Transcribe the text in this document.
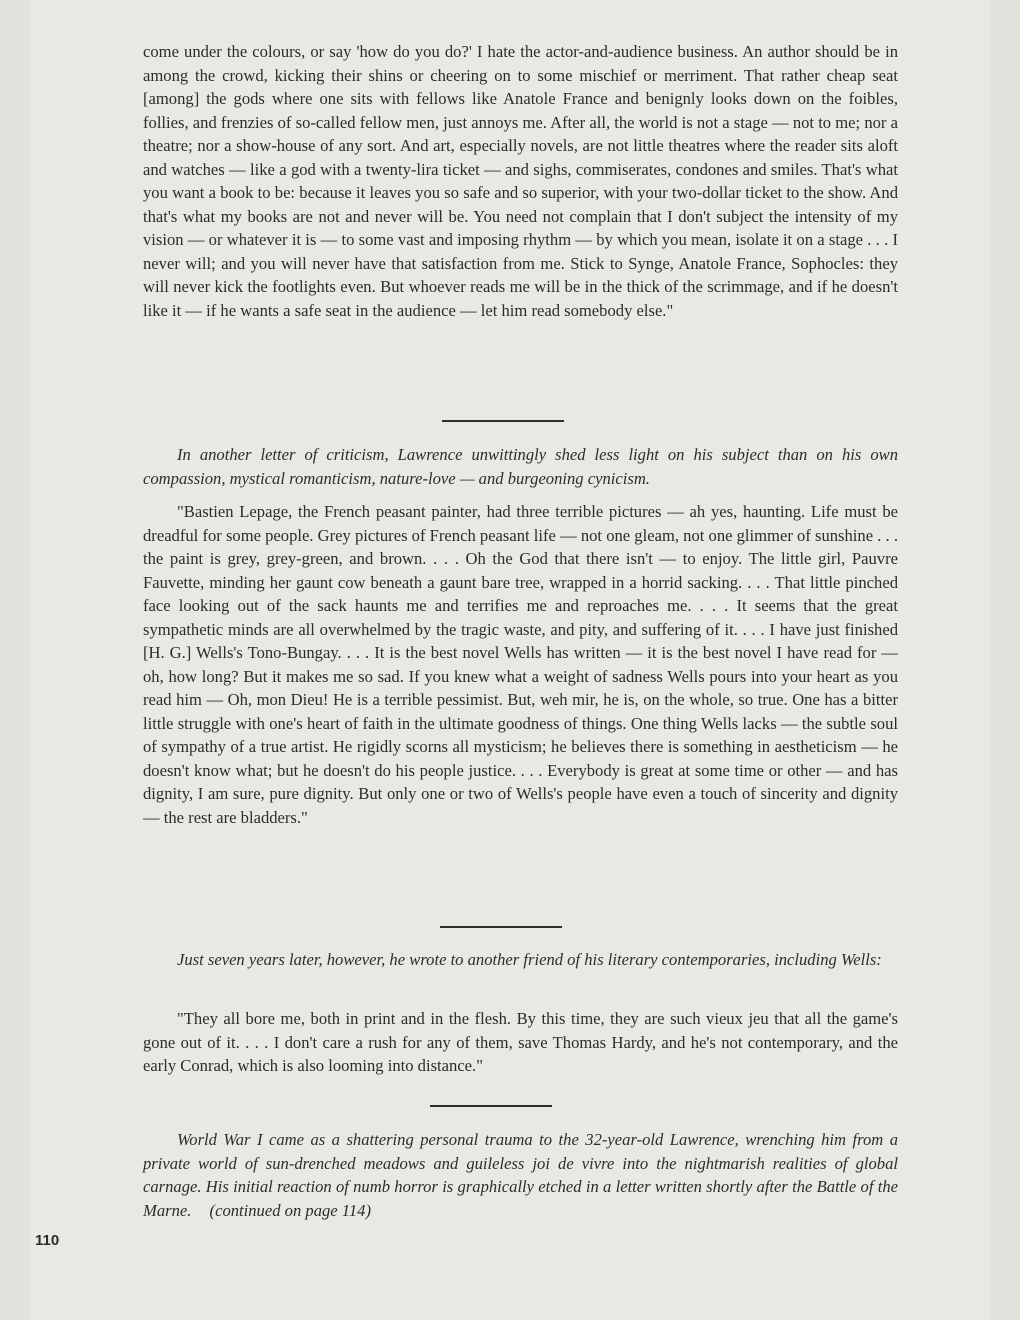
come under the colours, or say 'how do you do?' I hate the actor-and-audience business. An author should be in among the crowd, kicking their shins or cheering on to some mischief or merriment. That rather cheap seat [among] the gods where one sits with fellows like Anatole France and benignly looks down on the foibles, follies, and frenzies of so-called fellow men, just annoys me. After all, the world is not a stage — not to me; nor a theatre; nor a show-house of any sort. And art, especially novels, are not little theatres where the reader sits aloft and watches — like a god with a twenty-lira ticket — and sighs, commiserates, condones and smiles. That's what you want a book to be: because it leaves you so safe and so superior, with your two-dollar ticket to the show. And that's what my books are not and never will be. You need not complain that I don't subject the intensity of my vision — or whatever it is — to some vast and imposing rhythm — by which you mean, isolate it on a stage . . . I never will; and you will never have that satisfaction from me. Stick to Synge, Anatole France, Sophocles: they will never kick the footlights even. But whoever reads me will be in the thick of the scrimmage, and if he doesn't like it — if he wants a safe seat in the audience — let him read somebody else."

In another letter of criticism, Lawrence unwittingly shed less light on his subject than on his own compassion, mystical romanticism, nature-love — and burgeoning cynicism.

"Bastien Lepage, the French peasant painter, had three terrible pictures — ah yes, haunting. Life must be dreadful for some people. Grey pictures of French peasant life — not one gleam, not one glimmer of sunshine . . . the paint is grey, grey-green, and brown. . . . Oh the God that there isn't — to enjoy. The little girl, Pauvre Fauvette, minding her gaunt cow beneath a gaunt bare tree, wrapped in a horrid sacking. . . . That little pinched face looking out of the sack haunts me and terrifies me and reproaches me. . . . It seems that the great sympathetic minds are all overwhelmed by the tragic waste, and pity, and suffering of it. . . . I have just finished [H. G.] Wells's Tono-Bungay. . . . It is the best novel Wells has written — it is the best novel I have read for — oh, how long? But it makes me so sad. If you knew what a weight of sadness Wells pours into your heart as you read him — Oh, mon Dieu! He is a terrible pessimist. But, weh mir, he is, on the whole, so true. One has a bitter little struggle with one's heart of faith in the ultimate goodness of things. One thing Wells lacks — the subtle soul of sympathy of a true artist. He rigidly scorns all mysticism; he believes there is something in aestheticism — he doesn't know what; but he doesn't do his people justice. . . . Everybody is great at some time or other — and has dignity, I am sure, pure dignity. But only one or two of Wells's people have even a touch of sincerity and dignity — the rest are bladders."

Just seven years later, however, he wrote to another friend of his literary contemporaries, including Wells:

"They all bore me, both in print and in the flesh. By this time, they are such vieux jeu that all the game's gone out of it. . . . I don't care a rush for any of them, save Thomas Hardy, and he's not contemporary, and the early Conrad, which is also looming into distance."

World War I came as a shattering personal trauma to the 32-year-old Lawrence, wrenching him from a private world of sun-drenched meadows and guileless joi de vivre into the nightmarish realities of global carnage. His initial reaction of numb horror is graphically etched in a letter written shortly after the Battle of the Marne. (continued on page 114)

110
